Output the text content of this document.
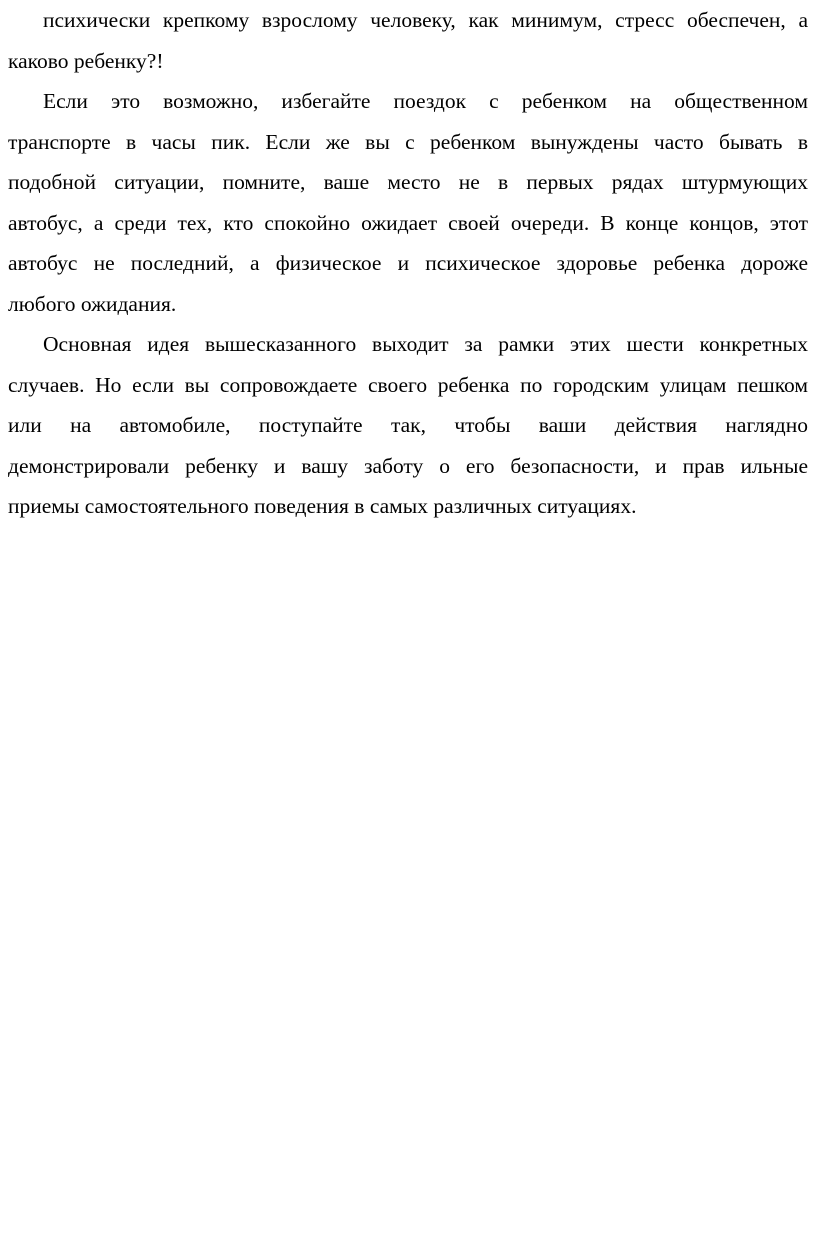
психически крепкому взрослому человеку, как минимум, стресс обеспечен, а
каково ребенку?!
Если это возможно, избегайте поездок с ребенком на общественном
транспорте в часы пик. Если же вы с ребенком вынуждены часто бывать в
подобной ситуации, помните, ваше место не в первых рядах штурмующих
автобус, а среди тех, кто спокойно ожидает своей очереди. В конце концов, этот
автобус не последний, а физическое и психическое здоровье ребенка дороже
любого ожидания.
Основная идея вышесказанного выходит за рамки этих шести конкретных
случаев. Но если вы сопровождаете своего ребенка по городским улицам пешком
или на автомобиле, поступайте так, чтобы ваши действия наглядно
демонстрировали ребенку и вашу заботу о его безопасности, и прав ильные
приемы самостоятельного поведения в самых различных ситуациях.
